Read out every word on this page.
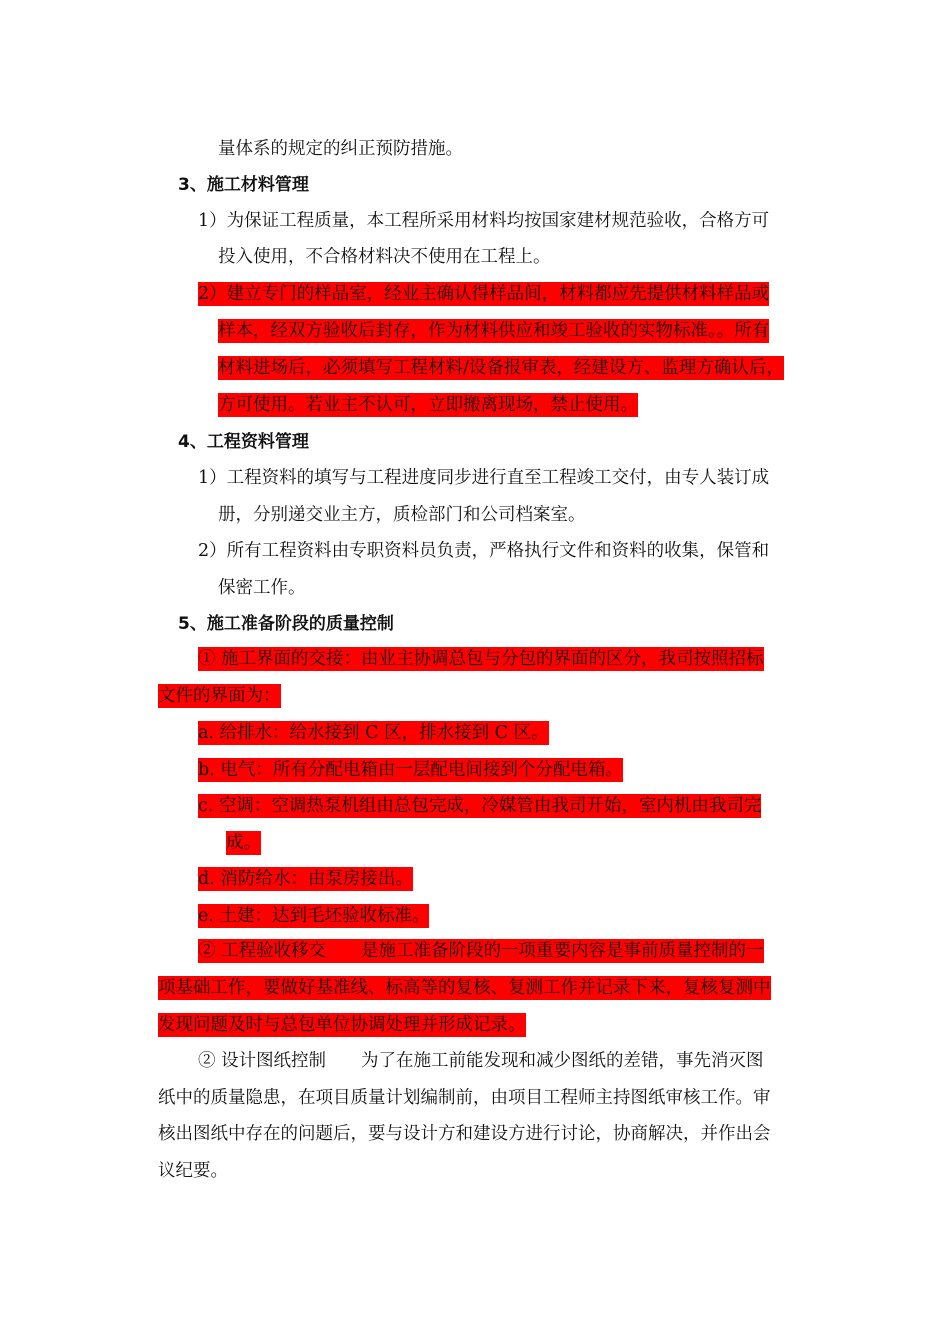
量体系的规定的纠正预防措施。
3、施工材料管理
1）为保证工程质量，本工程所采用材料均按国家建材规范验收，合格方可
投入使用，不合格材料决不使用在工程上。
2）建立专门的样品室，经业主确认得样品间，材料都应先提供材料样品或
样本，经双方验收后封存，作为材料供应和竣工验收的实物标准。。所有
材料进场后，必须填写工程材料/设备报审表，经建设方、监理方确认后，
方可使用。若业主不认可，立即搬离现场，禁止使用。
4、工程资料管理
1）工程资料的填写与工程进度同步进行直至工程竣工交付，由专人装订成
册，分别递交业主方，质检部门和公司档案室。
2）所有工程资料由专职资料员负责，严格执行文件和资料的收集，保管和
保密工作。
5、施工准备阶段的质量控制
① 施工界面的交接：由业主协调总包与分包的界面的区分，我司按照招标
文件的界面为：
a. 给排水：给水接到 C 区，排水接到 C 区。
b. 电气：所有分配电箱由一层配电间接到个分配电箱。
c. 空调：空调热泵机组由总包完成，冷媒管由我司开始，室内机由我司完
成。
d. 消防给水：由泵房接出。
e. 土建：达到毛坯验收标准。
② 工程验收移交　　是施工准备阶段的一项重要内容是事前质量控制的一
项基础工作，要做好基准线、标高等的复核、复测工作并记录下来，复核复测中
发现问题及时与总包单位协调处理并形成记录。
② 设计图纸控制　　为了在施工前能发现和减少图纸的差错，事先消灭图
纸中的质量隐患，在项目质量计划编制前，由项目工程师主持图纸审核工作。审
核出图纸中存在的问题后，要与设计方和建设方进行讨论，协商解决，并作出会
议纪要。
